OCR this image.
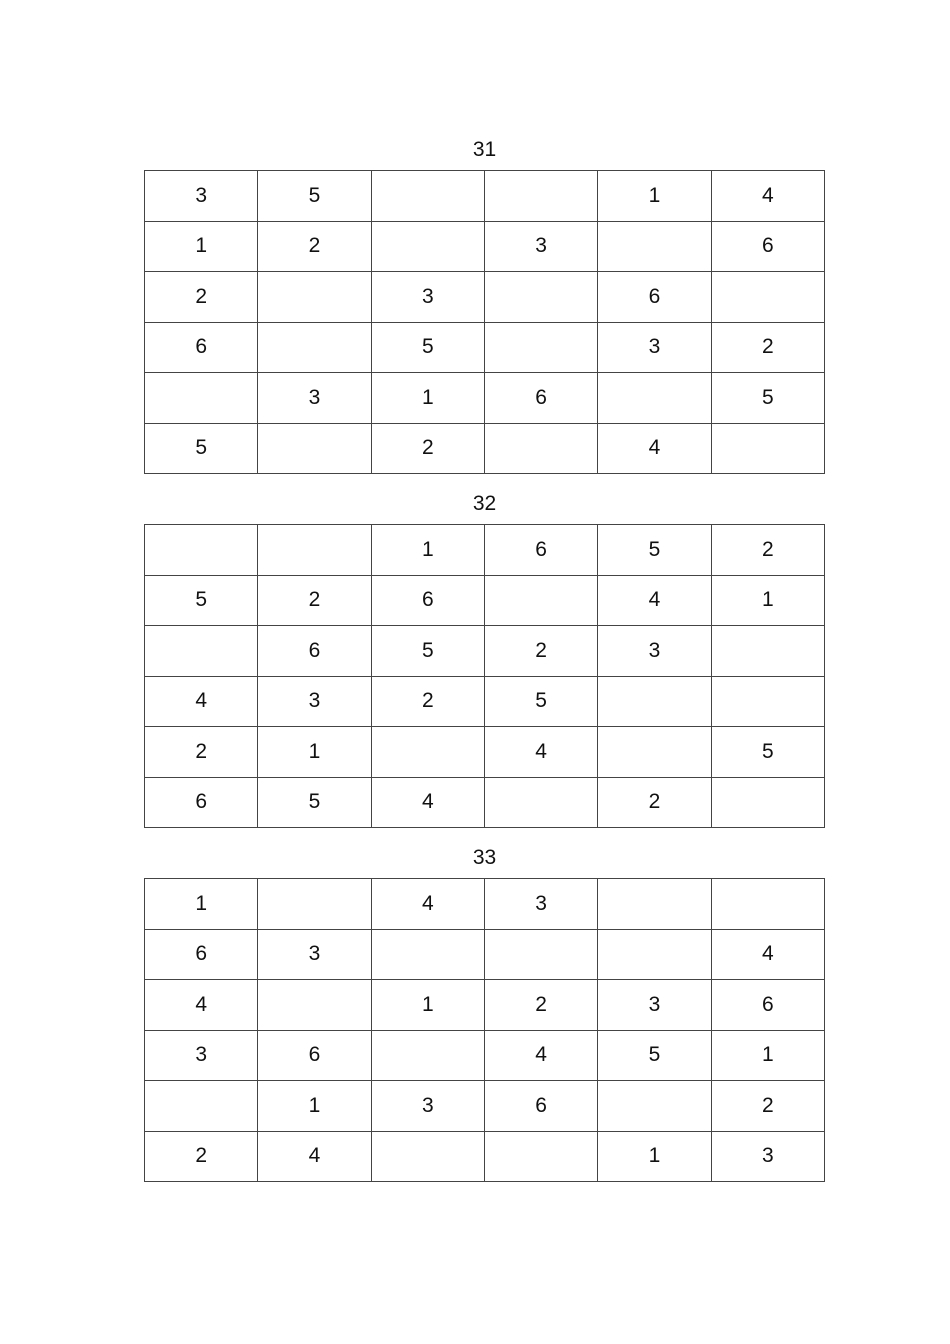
31
3	5			1	4
1	2		3		6
2		3		6	
6		5		3	2
	3	1	6		5
5		2		4	
32
		1	6	5	2
5	2	6		4	1
	6	5	2	3	
4	3	2	5		
2	1		4		5
6	5	4		2	
33
1		4	3		
6	3				4
4		1	2	3	6
3	6		4	5	1
	1	3	6		2
2	4			1	3
